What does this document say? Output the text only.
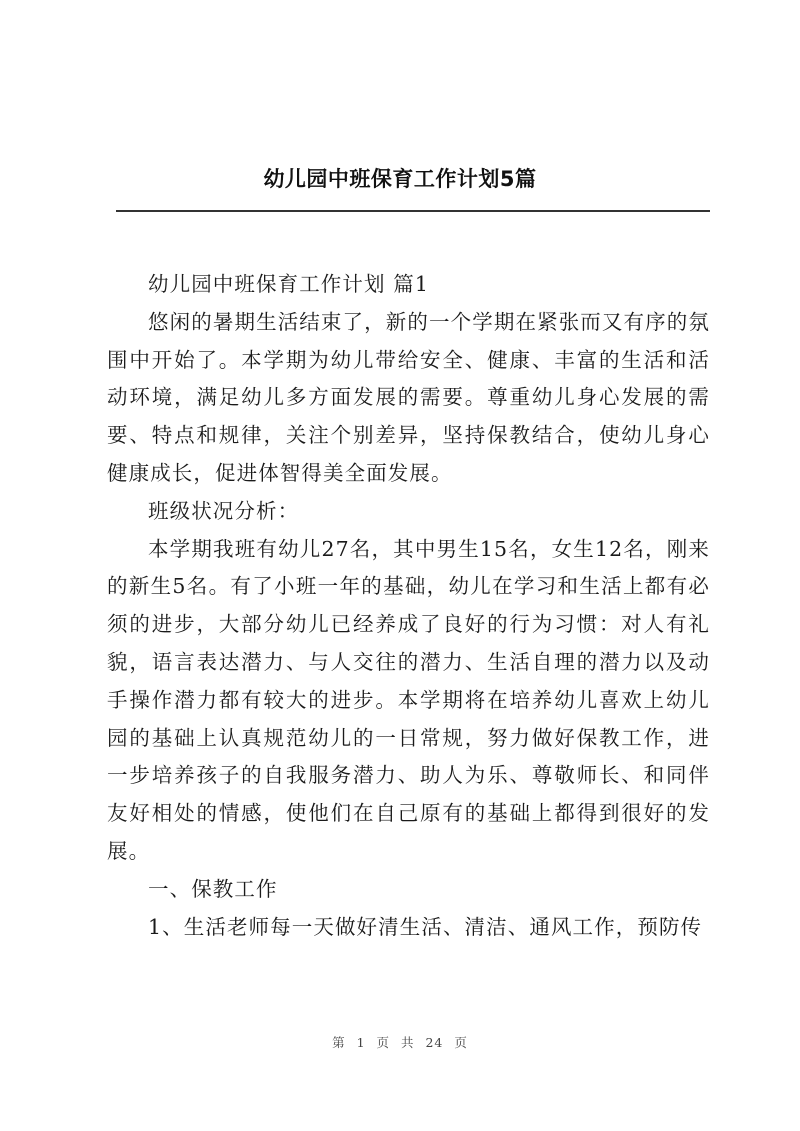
幼儿园中班保育工作计划5篇

幼儿园中班保育工作计划 篇1

悠闲的暑期生活结束了，新的一个学期在紧张而又有序的氛围中开始了。本学期为幼儿带给安全、健康、丰富的生活和活动环境，满足幼儿多方面发展的需要。尊重幼儿身心发展的需要、特点和规律，关注个别差异，坚持保教结合，使幼儿身心健康成长，促进体智得美全面发展。

班级状况分析：

本学期我班有幼儿27名，其中男生15名，女生12名，刚来的新生5名。有了小班一年的基础，幼儿在学习和生活上都有必须的进步，大部分幼儿已经养成了良好的行为习惯：对人有礼貌，语言表达潜力、与人交往的潜力、生活自理的潜力以及动手操作潜力都有较大的进步。本学期将在培养幼儿喜欢上幼儿园的基础上认真规范幼儿的一日常规，努力做好保教工作，进一步培养孩子的自我服务潜力、助人为乐、尊敬师长、和同伴友好相处的情感，使他们在自己原有的基础上都得到很好的发展。

一、保教工作

1、生活老师每一天做好清生活、清洁、通风工作，预防传

第 1 页 共 24 页
